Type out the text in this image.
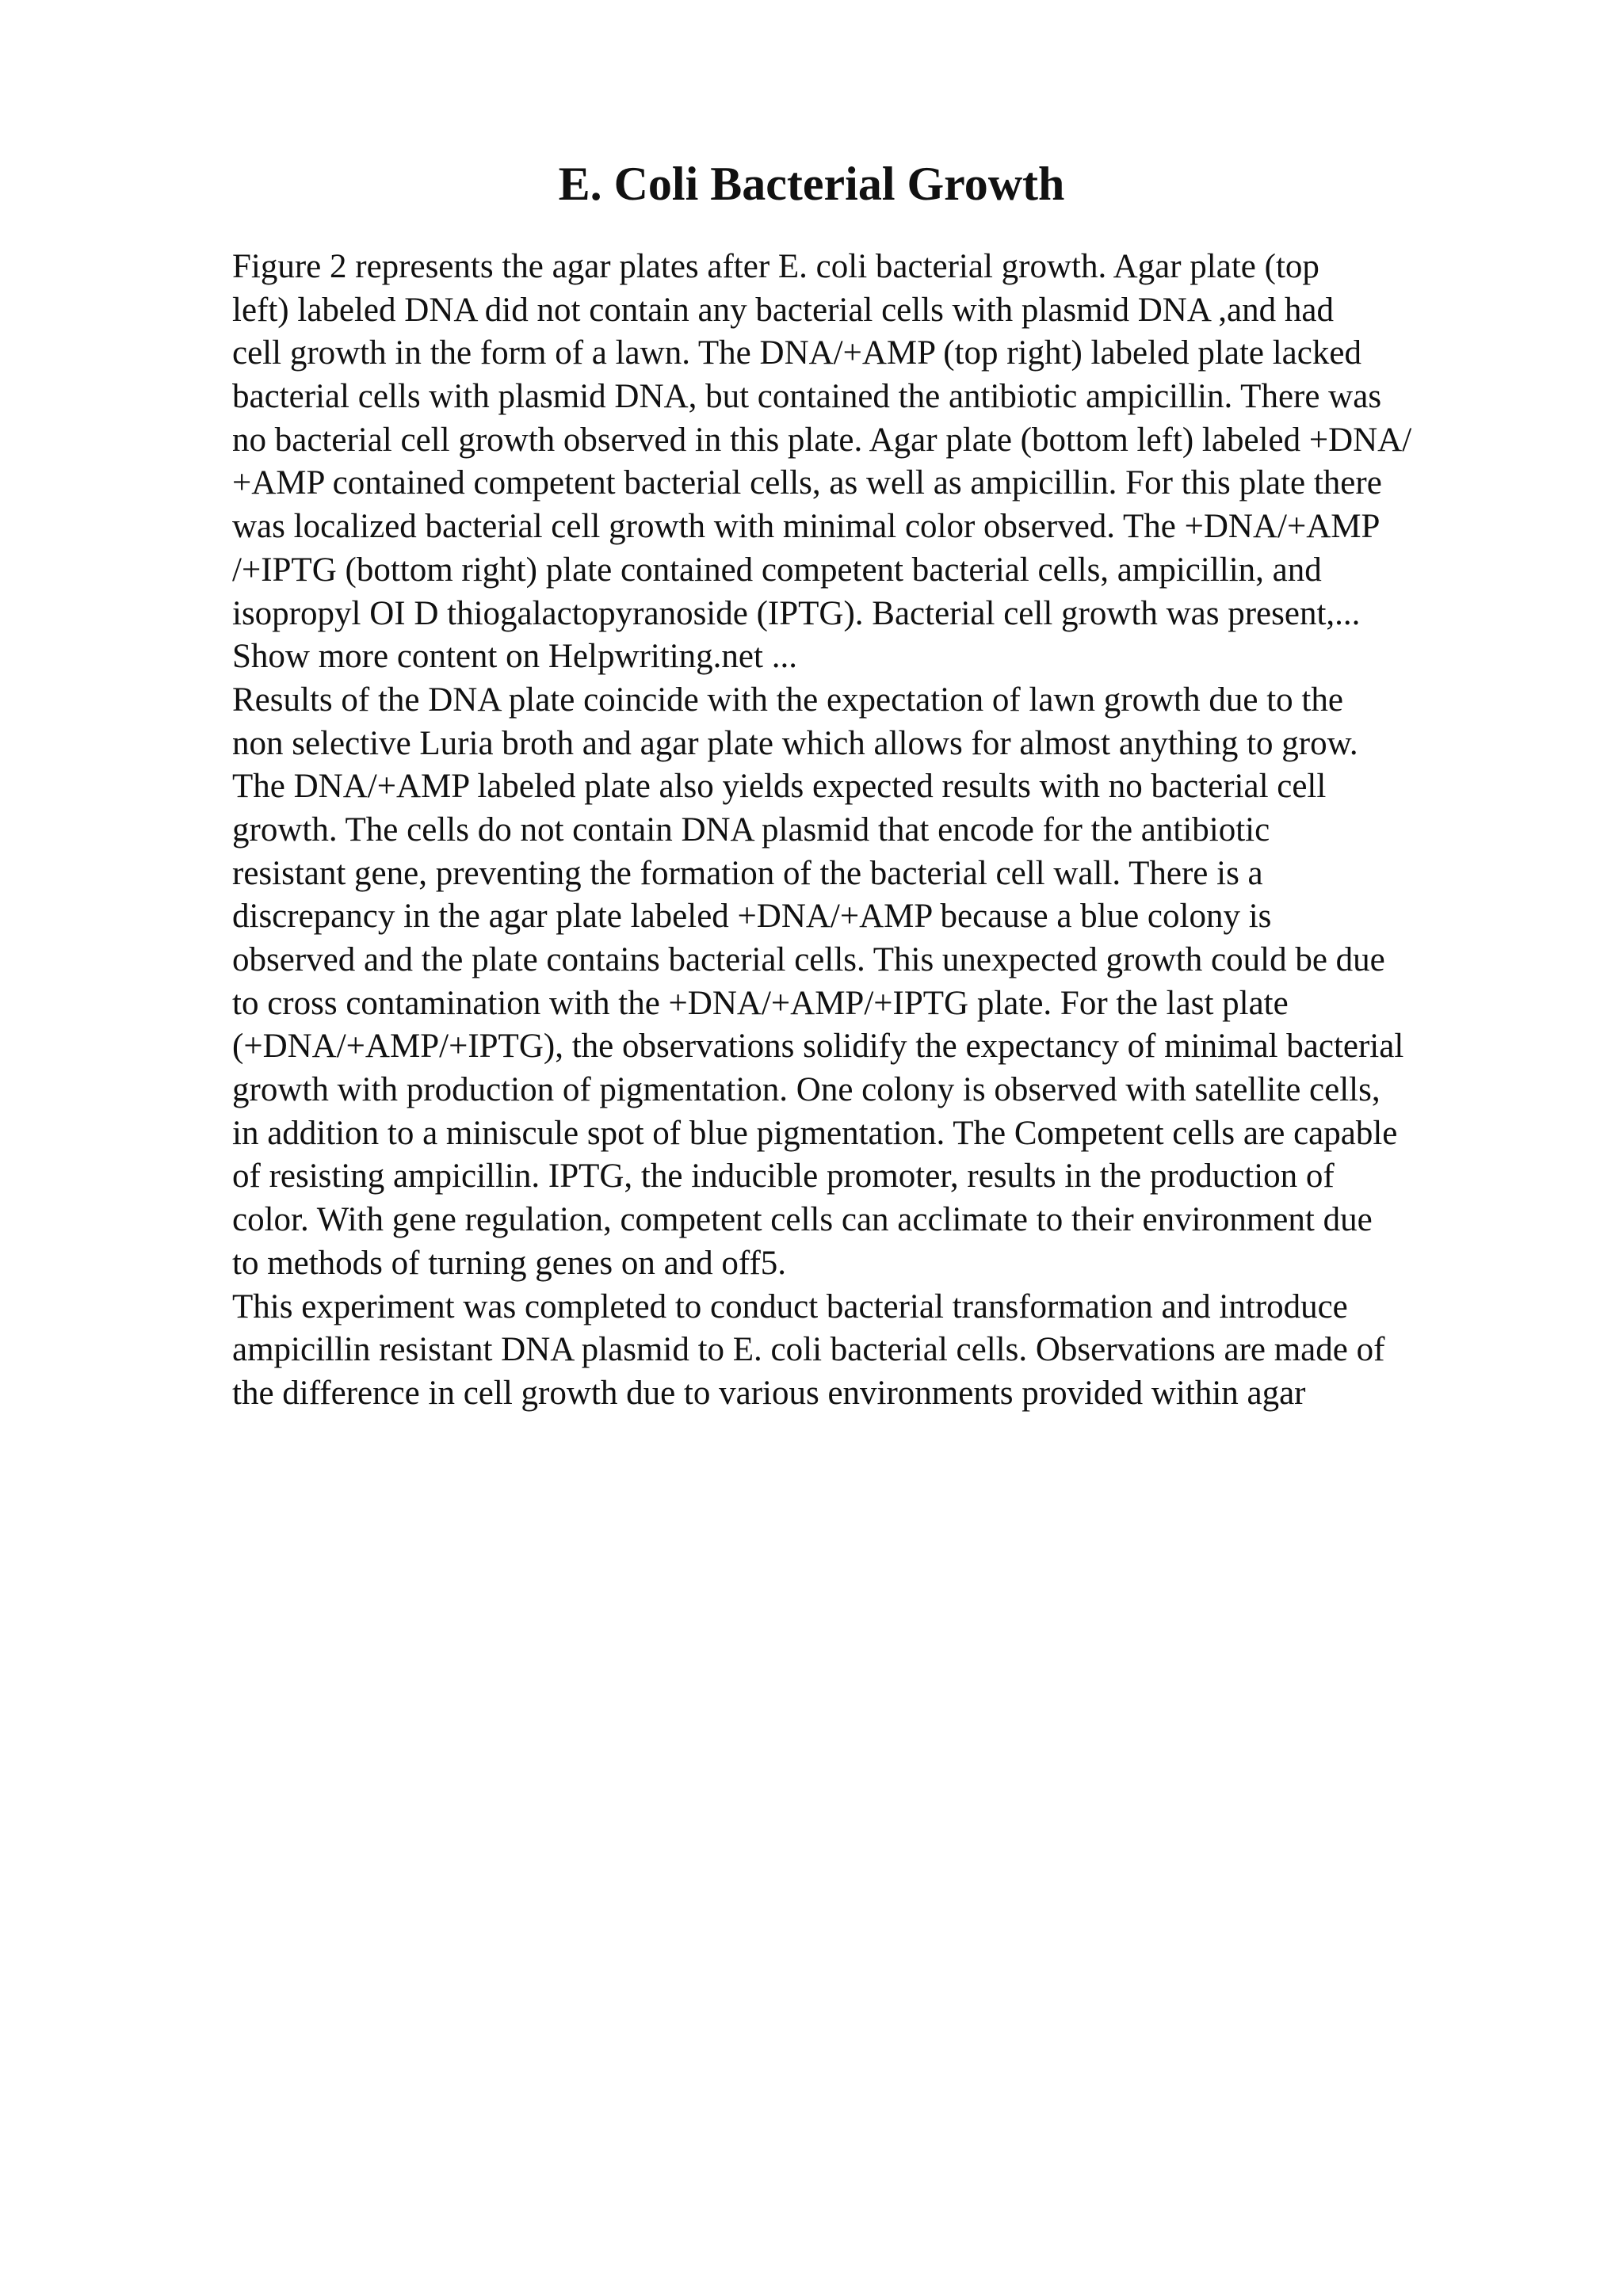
E. Coli Bacterial Growth
Figure 2 represents the agar plates after E. coli bacterial growth. Agar plate (top
left) labeled DNA did not contain any bacterial cells with plasmid DNA ,and had
cell growth in the form of a lawn. The DNA/+AMP (top right) labeled plate lacked
bacterial cells with plasmid DNA, but contained the antibiotic ampicillin. There was
no bacterial cell growth observed in this plate. Agar plate (bottom left) labeled +DNA/
+AMP contained competent bacterial cells, as well as ampicillin. For this plate there
was localized bacterial cell growth with minimal color observed. The +DNA/+AMP
/+IPTG (bottom right) plate contained competent bacterial cells, ampicillin, and
isopropyl OI D thiogalactopyranoside (IPTG). Bacterial cell growth was present,...
Show more content on Helpwriting.net ...
Results of the DNA plate coincide with the expectation of lawn growth due to the
non selective Luria broth and agar plate which allows for almost anything to grow.
The DNA/+AMP labeled plate also yields expected results with no bacterial cell
growth. The cells do not contain DNA plasmid that encode for the antibiotic
resistant gene, preventing the formation of the bacterial cell wall. There is a
discrepancy in the agar plate labeled +DNA/+AMP because a blue colony is
observed and the plate contains bacterial cells. This unexpected growth could be due
to cross contamination with the +DNA/+AMP/+IPTG plate. For the last plate
(+DNA/+AMP/+IPTG), the observations solidify the expectancy of minimal bacterial
growth with production of pigmentation. One colony is observed with satellite cells,
in addition to a miniscule spot of blue pigmentation. The Competent cells are capable
of resisting ampicillin. IPTG, the inducible promoter, results in the production of
color. With gene regulation, competent cells can acclimate to their environment due
to methods of turning genes on and off5.
This experiment was completed to conduct bacterial transformation and introduce
ampicillin resistant DNA plasmid to E. coli bacterial cells. Observations are made of
the difference in cell growth due to various environments provided within agar
